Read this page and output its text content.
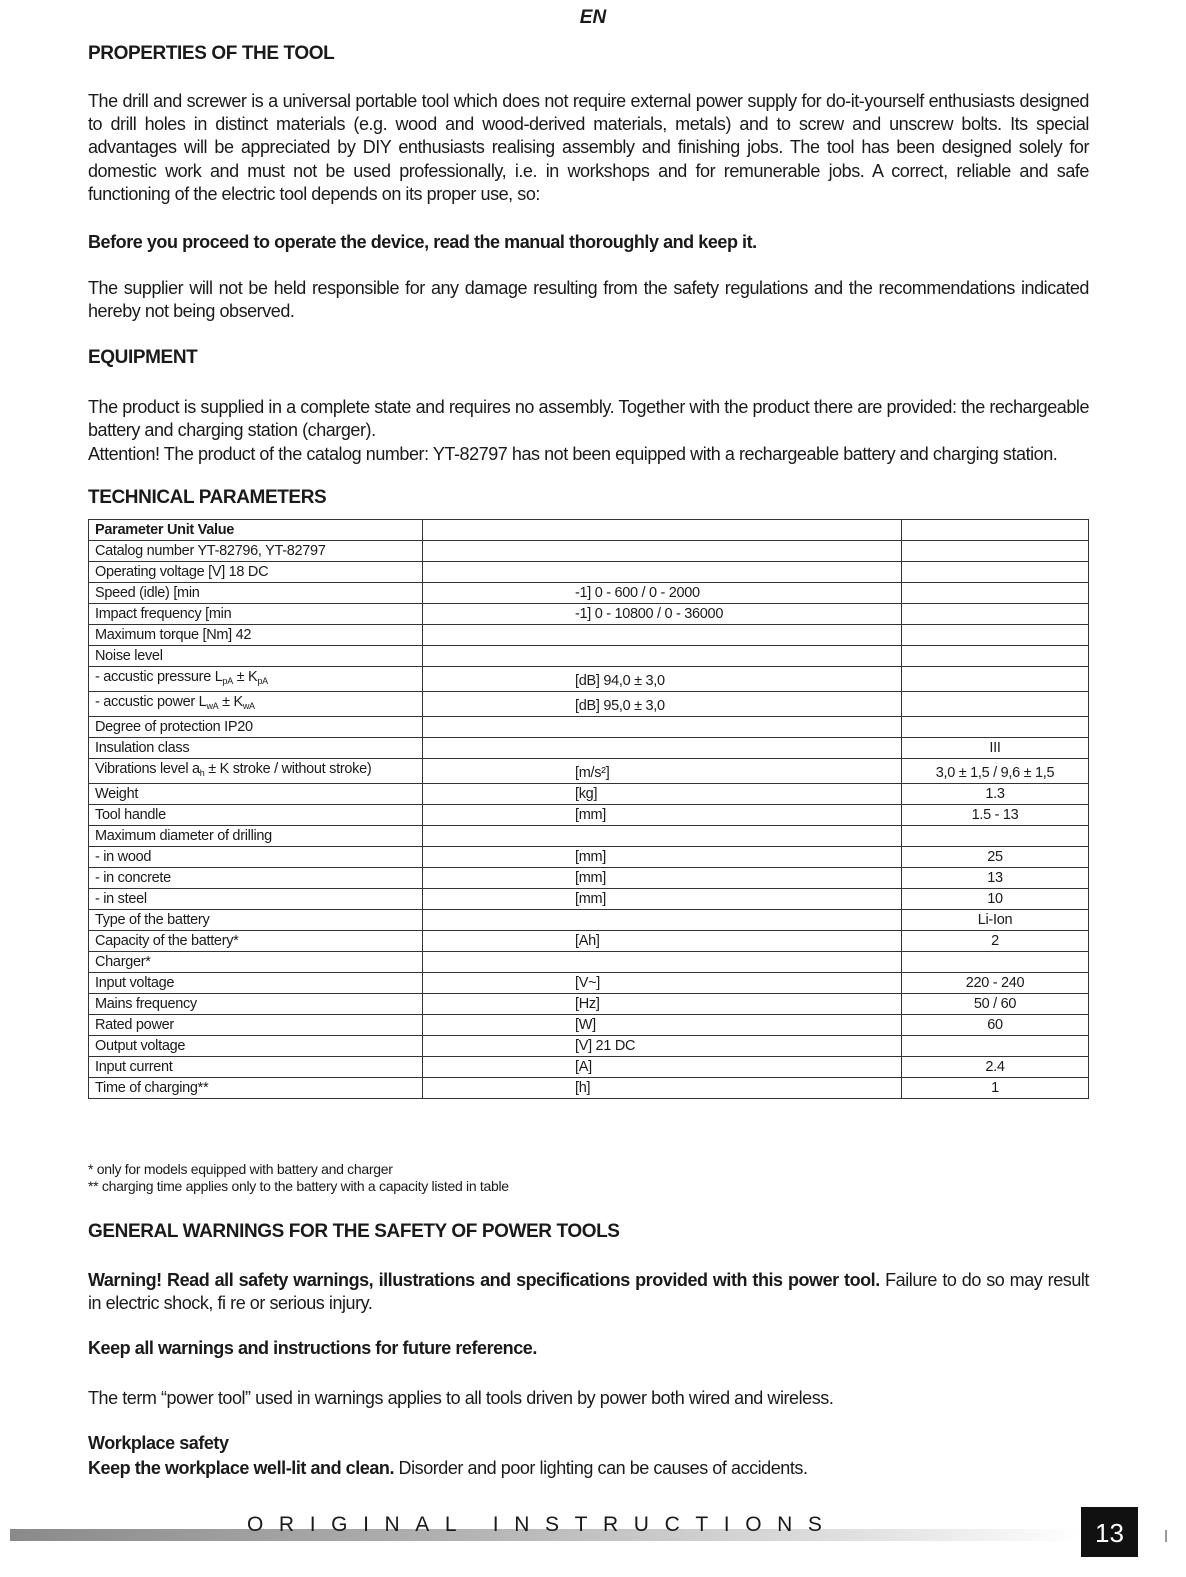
EN
PROPERTIES OF THE TOOL
The drill and screwer is a universal portable tool which does not require external power supply for do-it-yourself enthusiasts designed to drill holes in distinct materials (e.g. wood and wood-derived materials, metals) and to screw and unscrew bolts. Its special advantages will be appreciated by DIY enthusiasts realising assembly and finishing jobs. The tool has been designed solely for domestic work and must not be used professionally, i.e. in workshops and for remunerable jobs. A correct, reliable and safe functioning of the electric tool depends on its proper use, so:
Before you proceed to operate the device, read the manual thoroughly and keep it.
The supplier will not be held responsible for any damage resulting from the safety regulations and the recommendations indicated hereby not being observed.
EQUIPMENT
The product is supplied in a complete state and requires no assembly. Together with the product there are provided: the rechargeable battery and charging station (charger).
Attention! The product of the catalog number: YT-82797 has not been equipped with a rechargeable battery and charging station.
TECHNICAL PARAMETERS
Parameter Unit Value		
Catalog number YT-82796, YT-82797		
Operating voltage [V] 18 DC		
Speed (idle) [min	-1] 0 - 600 / 0 - 2000	
Impact frequency [min	-1] 0 - 10800 / 0 - 36000	
Maximum torque [Nm] 42		
Noise level		
- accustic pressure $L_{pA} \pm K_{pA}$	[dB] 94,0 ± 3,0	
- accustic power $L_{wA} \pm K_{wA}$	[dB] 95,0 ± 3,0	
Degree of protection IP20		
Insulation class		III
Vibrations level $a_h \pm K$ stroke / without stroke)	[m/s²]	3,0 ± 1,5 / 9,6 ± 1,5
Weight	[kg]	1.3
Tool handle	[mm]	1.5 - 13
Maximum diameter of drilling		
- in wood	[mm]	25
- in concrete	[mm]	13
- in steel	[mm]	10
Type of the battery		Li-Ion
Capacity of the battery*	[Ah]	2
Charger*		
Input voltage	[V~]	220 - 240
Mains frequency	[Hz]	50 / 60
Rated power	[W]	60
Output voltage	[V] 21 DC	
Input current	[A]	2.4
Time of charging**	[h]	1
* only for models equipped with battery and charger
** charging time applies only to the battery with a capacity listed in table
GENERAL WARNINGS FOR THE SAFETY OF POWER TOOLS
Warning! Read all safety warnings, illustrations and specifications provided with this power tool. Failure to do so may result in electric shock, fi re or serious injury.
Keep all warnings and instructions for future reference.
The term “power tool” used in warnings applies to all tools driven by power both wired and wireless.
Workplace safety
Keep the workplace well-lit and clean. Disorder and poor lighting can be causes of accidents.
ORIGINAL INSTRUCTIONS	13
